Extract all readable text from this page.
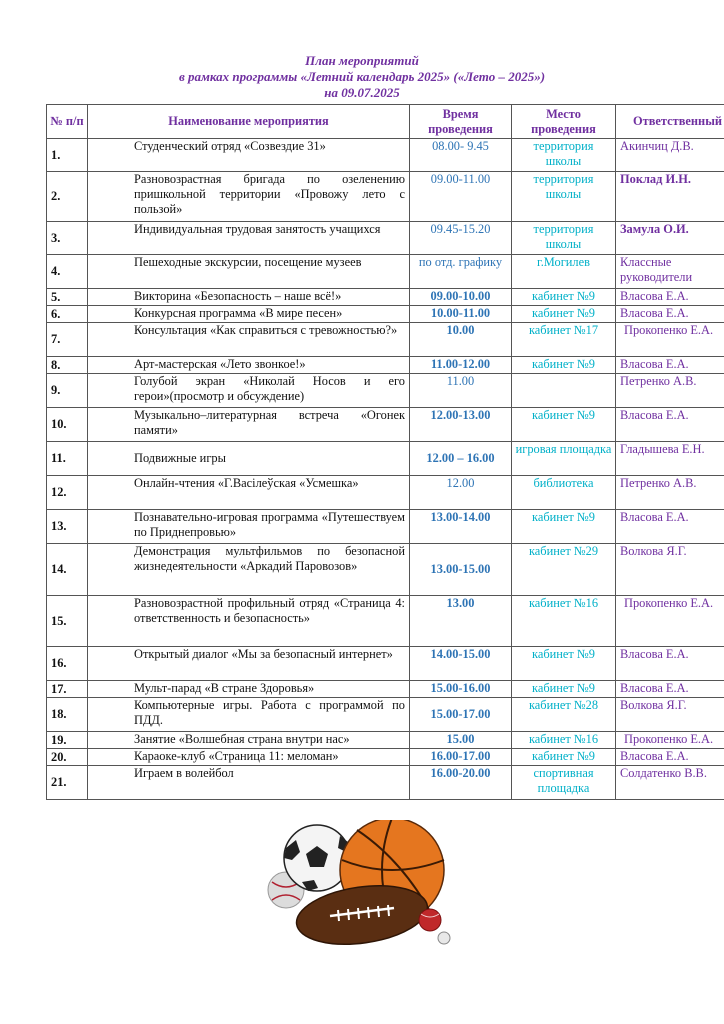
План мероприятий
в рамках программы «Летний календарь 2025» («Лето – 2025»)
на 09.07.2025
№ п/п	Наименование мероприятия	Время проведения	Место проведения	Ответственный
1.	Студенческий отряд «Созвездие 31»	08.00- 9.45	территория школы	Акинчиц Д.В.
2.	Разновозрастная бригада по озеленению пришкольной территории «Провожу лето с пользой»	09.00-11.00	территория школы	Поклад И.Н.
3.	Индивидуальная трудовая занятость учащихся	09.45-15.20	территория школы	Замула О.И.
4.	Пешеходные экскурсии, посещение музеев	по отд. графику	г.Могилев	Классные руководители
5.	Викторина «Безопасность – наше всё!»	09.00-10.00	кабинет №9	Власова Е.А.
6.	Конкурсная программа «В мире песен»	10.00-11.00	кабинет №9	Власова Е.А.
7.	Консультация «Как справиться с тревожностью?»	10.00	кабинет №17	Прокопенко Е.А.
8.	Арт-мастерская «Лето звонкое!»	11.00-12.00	кабинет №9	Власова Е.А.
9.	Голубой экран «Николай Носов и его герои»(просмотр и обсуждение)	11.00		Петренко А.В.
10.	Музыкально–литературная встреча «Огонек памяти»	12.00-13.00	кабинет №9	Власова Е.А.
11.	Подвижные игры	12.00 – 16.00	игровая площадка	Гладышева Е.Н.
12.	Онлайн-чтения «Г.Васілеўская «Усмешка»	12.00	библиотека	Петренко А.В.
13.	Познавательно-игровая программа «Путешествуем по Приднепровью»	13.00-14.00	кабинет №9	Власова Е.А.
14.	Демонстрация мультфильмов по безопасной жизнедеятельности «Аркадий Паровозов»	13.00-15.00	кабинет №29	Волкова Я.Г.
15.	Разновозрастной профильный отряд «Страница 4: ответственность и безопасность»	13.00	кабинет №16	Прокопенко Е.А.
16.	Открытый диалог «Мы за безопасный интернет»	14.00-15.00	кабинет №9	Власова Е.А.
17.	Мульт-парад «В стране Здоровья»	15.00-16.00	кабинет №9	Власова Е.А.
18.	Компьютерные игры. Работа с программой по ПДД.	15.00-17.00	кабинет №28	Волкова Я.Г.
19.	Занятие «Волшебная страна внутри нас»	15.00	кабинет №16	Прокопенко Е.А.
20.	Караоке-клуб «Страница 11: меломан»	16.00-17.00	кабинет №9	Власова Е.А.
21.	Играем в волейбол	16.00-20.00	спортивная площадка	Солдатенко В.В.
